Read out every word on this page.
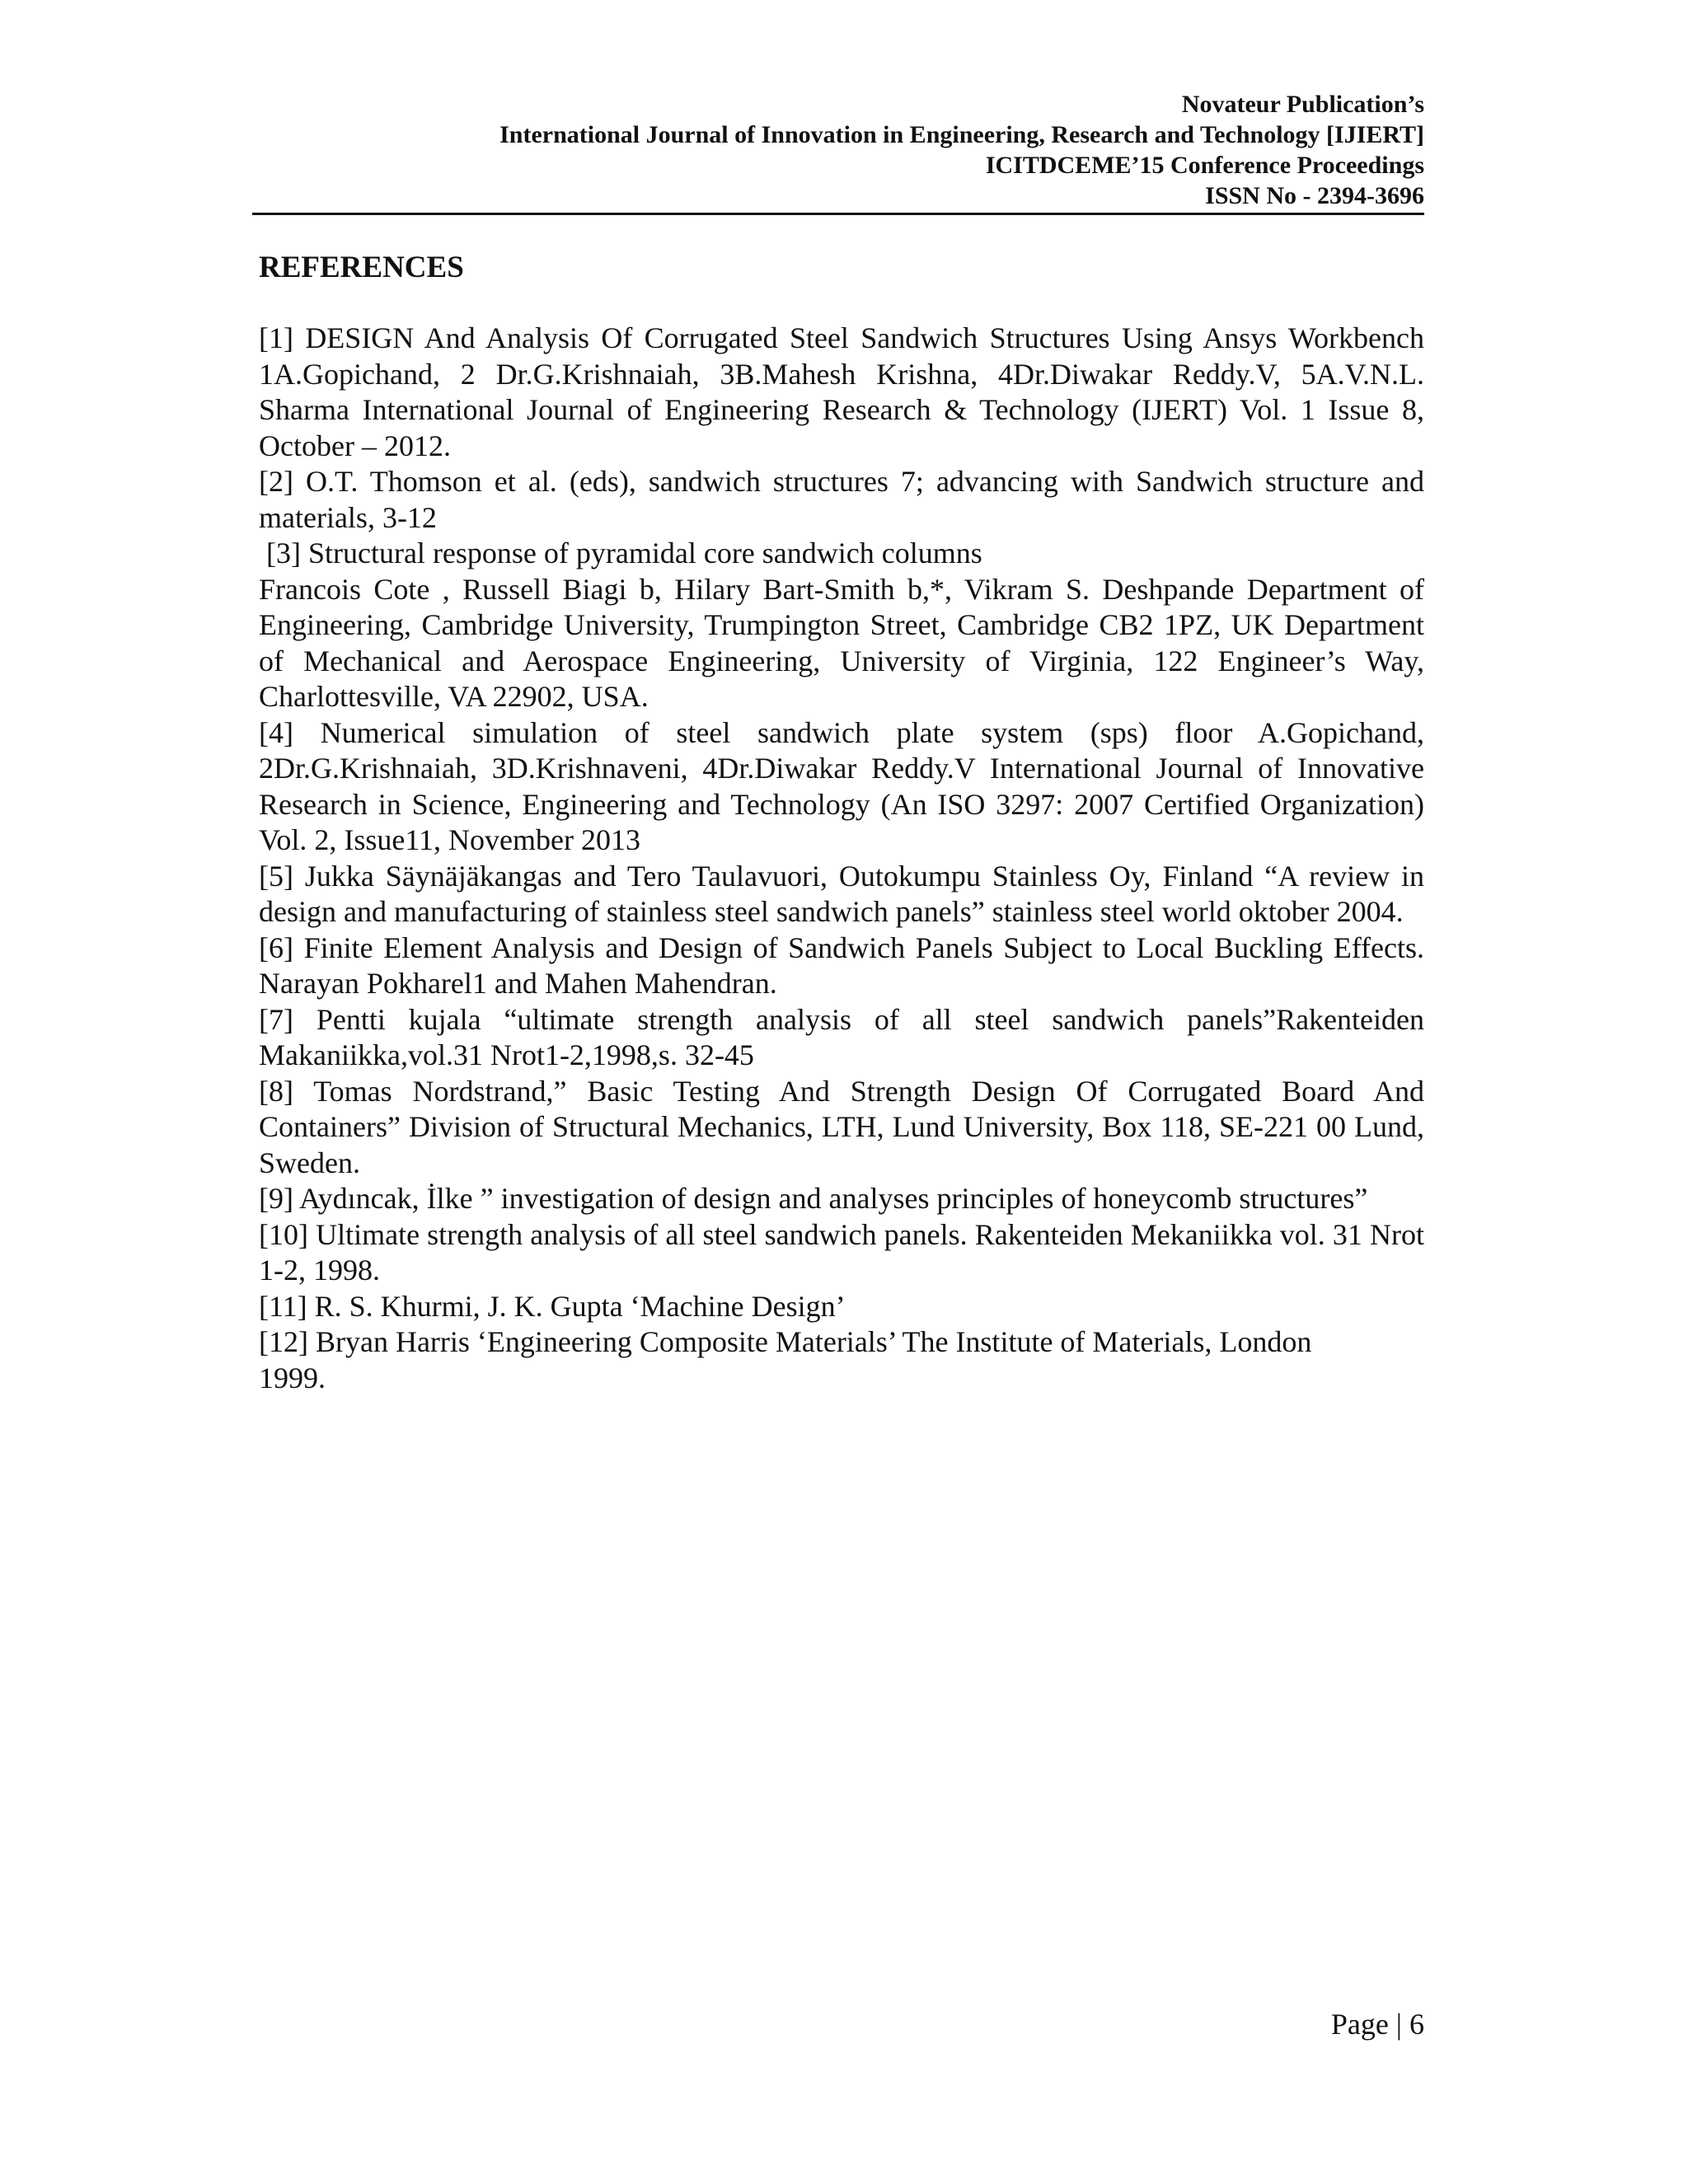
Novateur Publication’s
International Journal of Innovation in Engineering, Research and Technology [IJIERT]
ICITDCEME’15 Conference Proceedings
ISSN No - 2394-3696
REFERENCES

[1] DESIGN And Analysis Of Corrugated Steel Sandwich Structures Using Ansys Workbench 1A.Gopichand, 2 Dr.G.Krishnaiah, 3B.Mahesh Krishna, 4Dr.Diwakar Reddy.V, 5A.V.N.L. Sharma International Journal of Engineering Research & Technology (IJERT) Vol. 1 Issue 8, October – 2012.

[2] O.T. Thomson et al. (eds), sandwich structures 7; advancing with Sandwich structure and materials, 3-12

[3] Structural response of pyramidal core sandwich columns

Francois Cote , Russell Biagi b, Hilary Bart-Smith b,*, Vikram S. Deshpande Department of Engineering, Cambridge University, Trumpington Street, Cambridge CB2 1PZ, UK Department of Mechanical and Aerospace Engineering, University of Virginia, 122 Engineer’s Way, Charlottesville, VA 22902, USA.

[4] Numerical simulation of steel sandwich plate system (sps) floor A.Gopichand, 2Dr.G.Krishnaiah, 3D.Krishnaveni, 4Dr.Diwakar Reddy.V International Journal of Innovative Research in Science, Engineering and Technology (An ISO 3297: 2007 Certified Organization) Vol. 2, Issue11, November 2013

[5] Jukka Säynäjäkangas and Tero Taulavuori, Outokumpu Stainless Oy, Finland “A review in design and manufacturing of stainless steel sandwich panels” stainless steel world oktober 2004.

[6] Finite Element Analysis and Design of Sandwich Panels Subject to Local Buckling Effects. Narayan Pokharel1 and Mahen Mahendran.

[7] Pentti kujala “ultimate strength analysis of all steel sandwich panels”Rakenteiden Makaniikka,vol.31 Nrot1-2,1998,s. 32-45

[8] Tomas Nordstrand,” Basic Testing And Strength Design Of Corrugated Board And Containers” Division of Structural Mechanics, LTH, Lund University, Box 118, SE-221 00 Lund, Sweden.

[9] Aydıncak, İlke ” investigation of design and analyses principles of honeycomb structures”

[10] Ultimate strength analysis of all steel sandwich panels. Rakenteiden Mekaniikka vol. 31 Nrot 1-2, 1998.

[11] R. S. Khurmi, J. K. Gupta ‘Machine Design’

[12] Bryan Harris ‘Engineering Composite Materials’ The Institute of Materials, London 1999.

Page | 6
